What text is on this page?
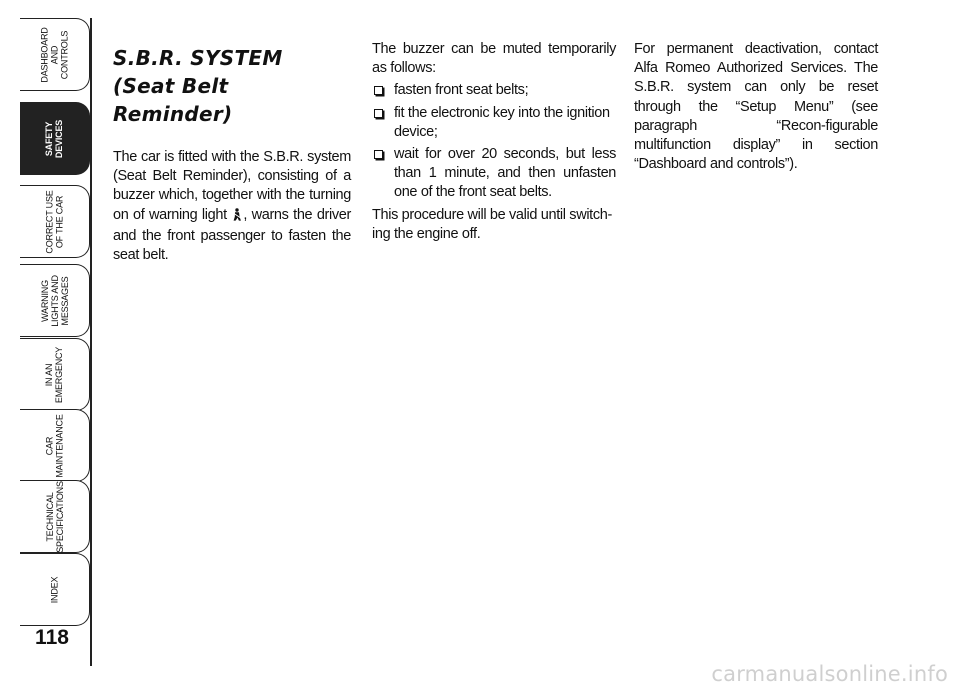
DASHBOARD
AND
CONTROLS
SAFETY
DEVICES
CORRECT USE
OF THE CAR
WARNING
LIGHTS AND
MESSAGES
IN AN
EMERGENCY
CAR
MAINTENANCE
TECHNICAL
SPECIFICATIONS
INDEX
118
S.B.R. SYSTEM
(Seat Belt Reminder)

The car is fitted with the S.B.R. system (Seat Belt Reminder), consisting of a buzzer which, together with the turning on of warning light , warns the driver and the front passenger to fasten the seat belt.

The buzzer can be muted temporarily as follows:

fasten front seat belts;
fit the electronic key into the ignition device;
wait for over 20 seconds, but less than 1 minute, and then unfasten one of the front seat belts.

This procedure will be valid until switch-ing the engine off.

For permanent deactivation, contact Alfa Romeo Authorized Services. The S.B.R. system can only be reset through the “Setup Menu” (see paragraph “Recon-figurable multifunction display” in section “Dashboard and controls”).

carmanualsonline.info
